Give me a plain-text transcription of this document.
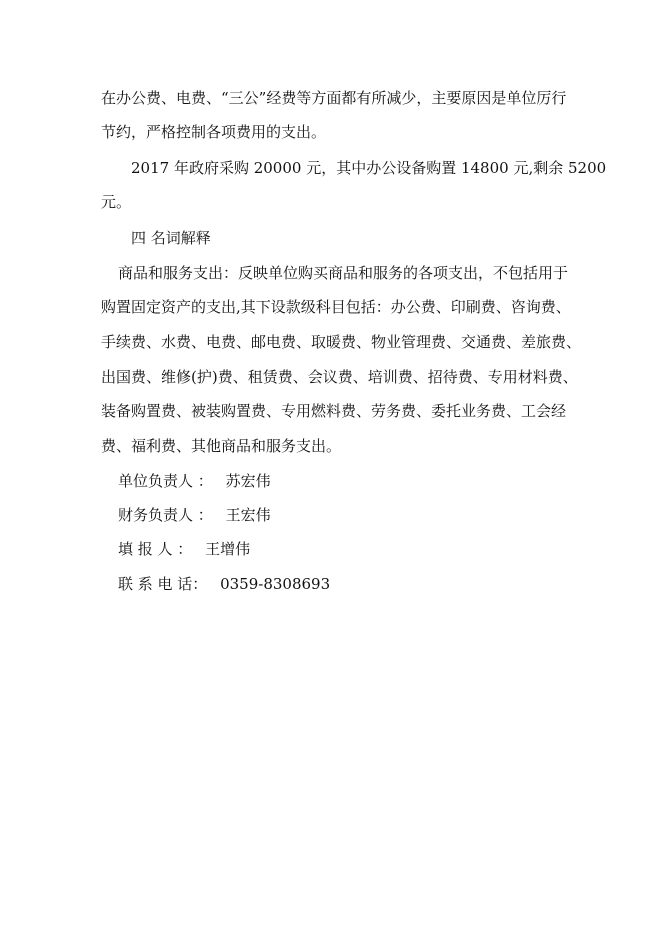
在办公费、电费、“三公”经费等方面都有所减少，主要原因是单位厉行
节约，严格控制各项费用的支出。
2017 年政府采购 20000 元，其中办公设备购置 14800 元,剩余 5200
元。
四 名词解释
商品和服务支出：反映单位购买商品和服务的各项支出，不包括用于
购置固定资产的支出,其下设款级科目包括：办公费、印刷费、咨询费、
手续费、水费、电费、邮电费、取暖费、物业管理费、交通费、差旅费、
出国费、维修(护)费、租赁费、会议费、培训费、招待费、专用材料费、
装备购置费、被装购置费、专用燃料费、劳务费、委托业务费、工会经
费、福利费、其他商品和服务支出。
单位负责人 ： 苏宏伟
财务负责人 ： 王宏伟
填 报 人 ： 王增伟
联 系 电 话： 0359-8308693
